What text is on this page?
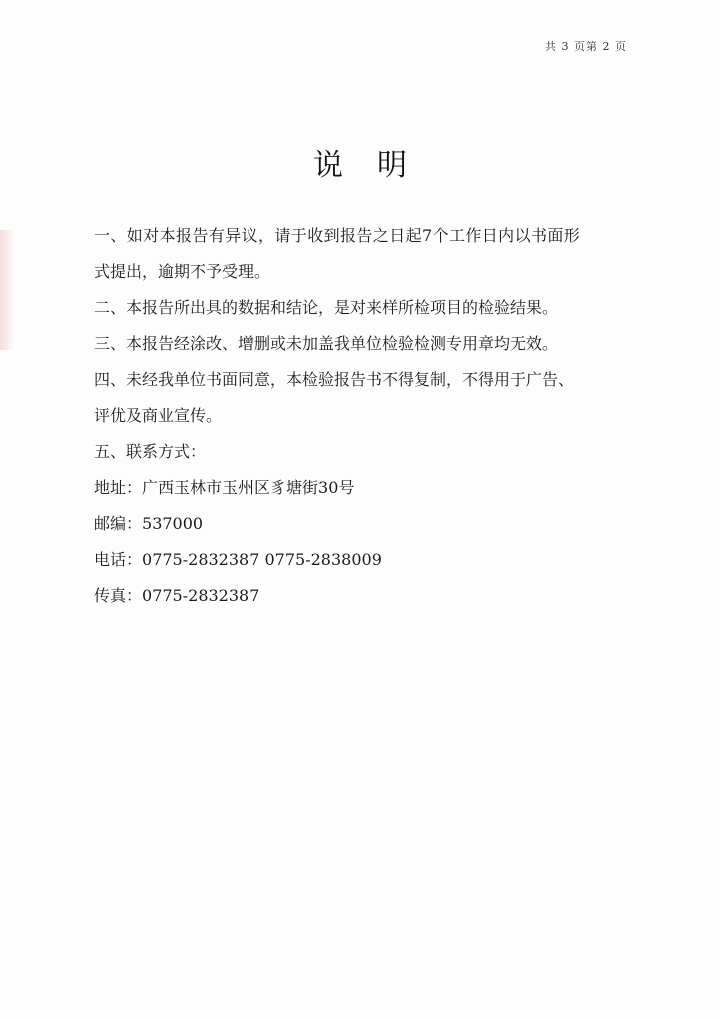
共 3 页第 2 页
说明
一、如对本报告有异议，请于收到报告之日起7个工作日内以书面形
式提出，逾期不予受理。
二、本报告所出具的数据和结论，是对来样所检项目的检验结果。
三、本报告经涂改、增删或未加盖我单位检验检测专用章均无效。
四、未经我单位书面同意，本检验报告书不得复制，不得用于广告、
评优及商业宣传。
五、联系方式：
地址：广西玉林市玉州区豸塘街30号
邮编：537000
电话：0775-2832387 0775-2838009
传真：0775-2832387
